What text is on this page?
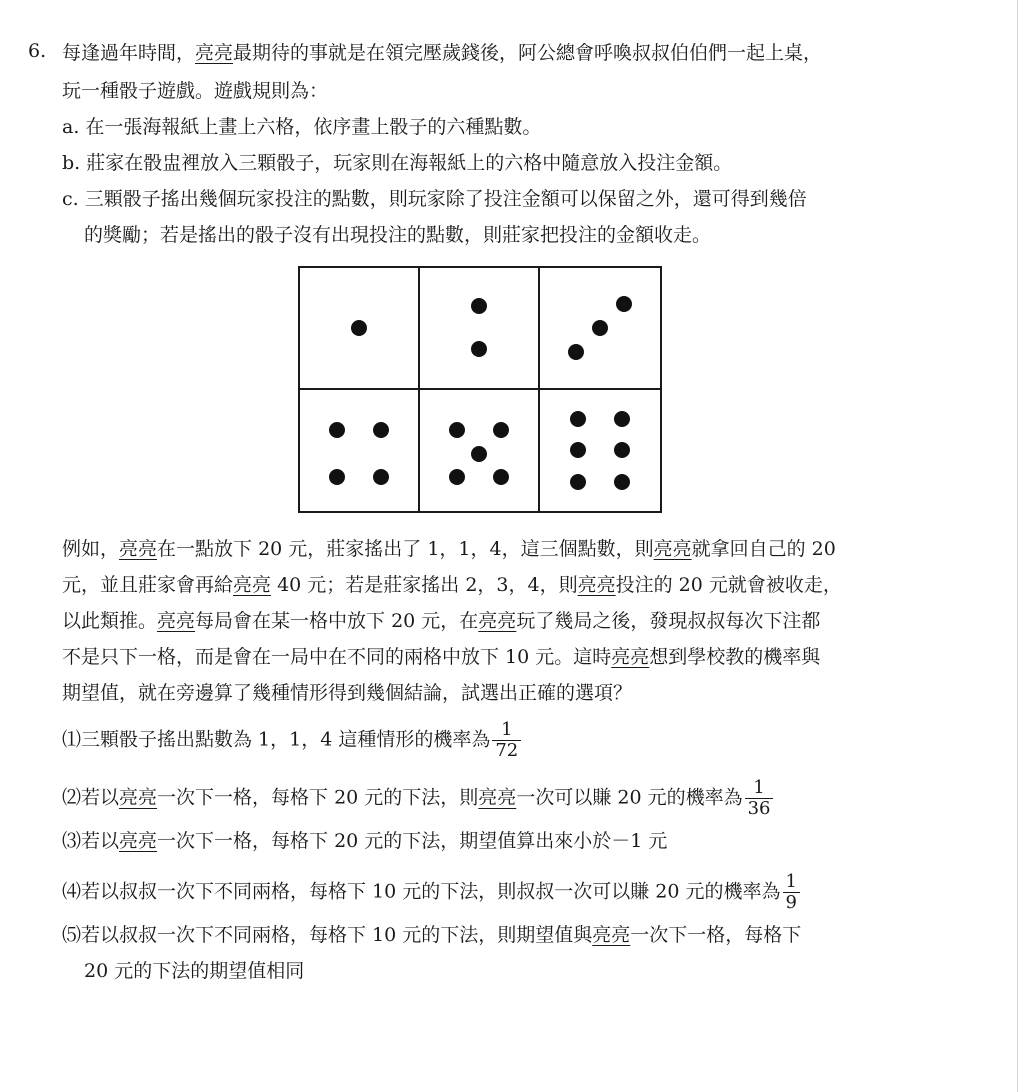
6. 每逢過年時間，亮亮最期待的事就是在領完壓歲錢後，阿公總會呼喚叔叔伯伯們一起上桌，
玩一種骰子遊戲。遊戲規則為：
a. 在一張海報紙上畫上六格，依序畫上骰子的六種點數。
b. 莊家在骰盅裡放入三顆骰子，玩家則在海報紙上的六格中隨意放入投注金額。
c. 三顆骰子搖出幾個玩家投注的點數，則玩家除了投注金額可以保留之外，還可得到幾倍
的獎勵；若是搖出的骰子沒有出現投注的點數，則莊家把投注的金額收走。
例如，亮亮在一點放下 20 元，莊家搖出了 1，1，4，這三個點數，則亮亮就拿回自己的 20
元，並且莊家會再給亮亮 40 元；若是莊家搖出 2，3，4，則亮亮投注的 20 元就會被收走，
以此類推。亮亮每局會在某一格中放下 20 元，在亮亮玩了幾局之後，發現叔叔每次下注都
不是只下一格，而是會在一局中在不同的兩格中放下 10 元。這時亮亮想到學校教的機率與
期望值，就在旁邊算了幾種情形得到幾個結論，試選出正確的選項？
⑴三顆骰子搖出點數為 1，1，4 這種情形的機率為 $\frac{1}{72}$
⑵若以亮亮一次下一格，每格下 20 元的下法，則亮亮一次可以賺 20 元的機率為 $\frac{1}{36}$
⑶若以亮亮一次下一格，每格下 20 元的下法，期望值算出來小於－1 元
⑷若以叔叔一次下不同兩格，每格下 10 元的下法，則叔叔一次可以賺 20 元的機率為 $\frac{1}{9}$
⑸若以叔叔一次下不同兩格，每格下 10 元的下法，則期望值與亮亮一次下一格，每格下
20 元的下法的期望值相同
